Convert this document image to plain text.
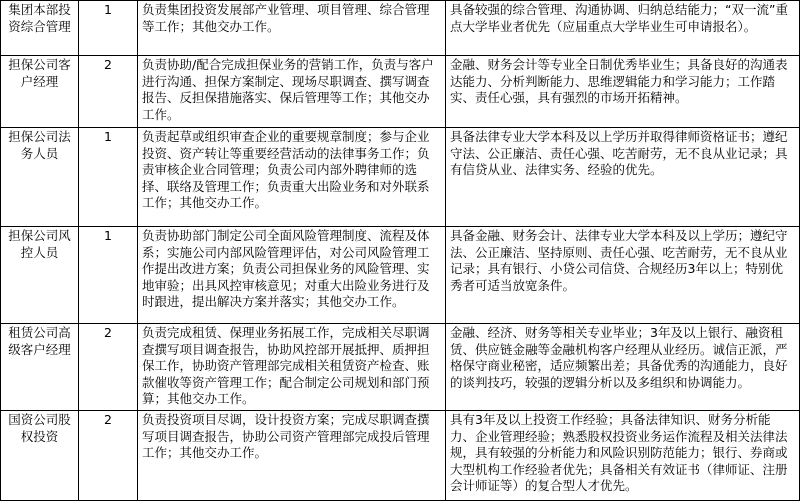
集团本部投资综合管理	1	负责集团投资发展部产业管理、项目管理、综合管理等工作；其他交办工作。	具备较强的综合管理、沟通协调、归纳总结能力；“双一流”重点大学毕业者优先（应届重点大学毕业生可申请报名）。
担保公司客户经理	2	负责协助/配合完成担保业务的营销工作，负责与客户进行沟通、担保方案制定、现场尽职调查、撰写调查报告、反担保措施落实、保后管理等工作；其他交办工作。	金融、财务会计等专业全日制优秀毕业生；具备良好的沟通表达能力、分析判断能力、思维逻辑能力和学习能力；工作踏实、责任心强，具有强烈的市场开拓精神。
担保公司法务人员	1	负责起草或组织审查企业的重要规章制度；参与企业投资、资产转让等重要经营活动的法律事务工作；负责审核企业合同管理；负责公司内部外聘律师的选择、联络及管理工作；负责重大出险业务和对外联系工作；其他交办工作。	具备法律专业大学本科及以上学历并取得律师资格证书；遵纪守法、公正廉洁、责任心强、吃苦耐劳，无不良从业记录；具有信贷从业、法律实务、经验的优先。
担保公司风控人员	1	负责协助部门制定公司全面风险管理制度、流程及体系；实施公司内部风险管理评估，对公司风险管理工作提出改进方案；负责公司担保业务的风险管理、实地审验；出具风控审核意见；对重大出险业务进行及时跟进，提出解决方案并落实；其他交办工作。	具备金融、财务会计、法律专业大学本科及以上学历；遵纪守法、公正廉洁、坚持原则、责任心强、吃苦耐劳，无不良从业记录；具有银行、小贷公司信贷、合规经历3年以上；特别优秀者可适当放宽条件。
租赁公司高级客户经理	2	负责完成租赁、保理业务拓展工作，完成相关尽职调查撰写项目调查报告，协助风控部开展抵押、质押担保工作，协助资产管理部完成相关租赁资产检查、账款催收等资产管理工作；配合制定公司规划和部门预算；其他交办工作。	金融、经济、财务等相关专业毕业；3年及以上银行、融资租赁、供应链金融等金融机构客户经理从业经历。诚信正派，严格保守商业秘密，适应频繁出差；具备优秀的沟通能力，良好的谈判技巧，较强的逻辑分析以及多组织和协调能力。
国资公司股权投资	2	负责投资项目尽调，设计投资方案；完成尽职调查撰写项目调查报告，协助公司资产管理部完成投后管理工作；其他交办工作。	具有3年及以上投资工作经验；具备法律知识、财务分析能力、企业管理经验；熟悉股权投资业务运作流程及相关法律法规，具有较强的分析能力和风险识别防范能力；银行、券商或大型机构工作经验者优先；具备相关有效证书（律师证、注册会计师证等）的复合型人才优先。
